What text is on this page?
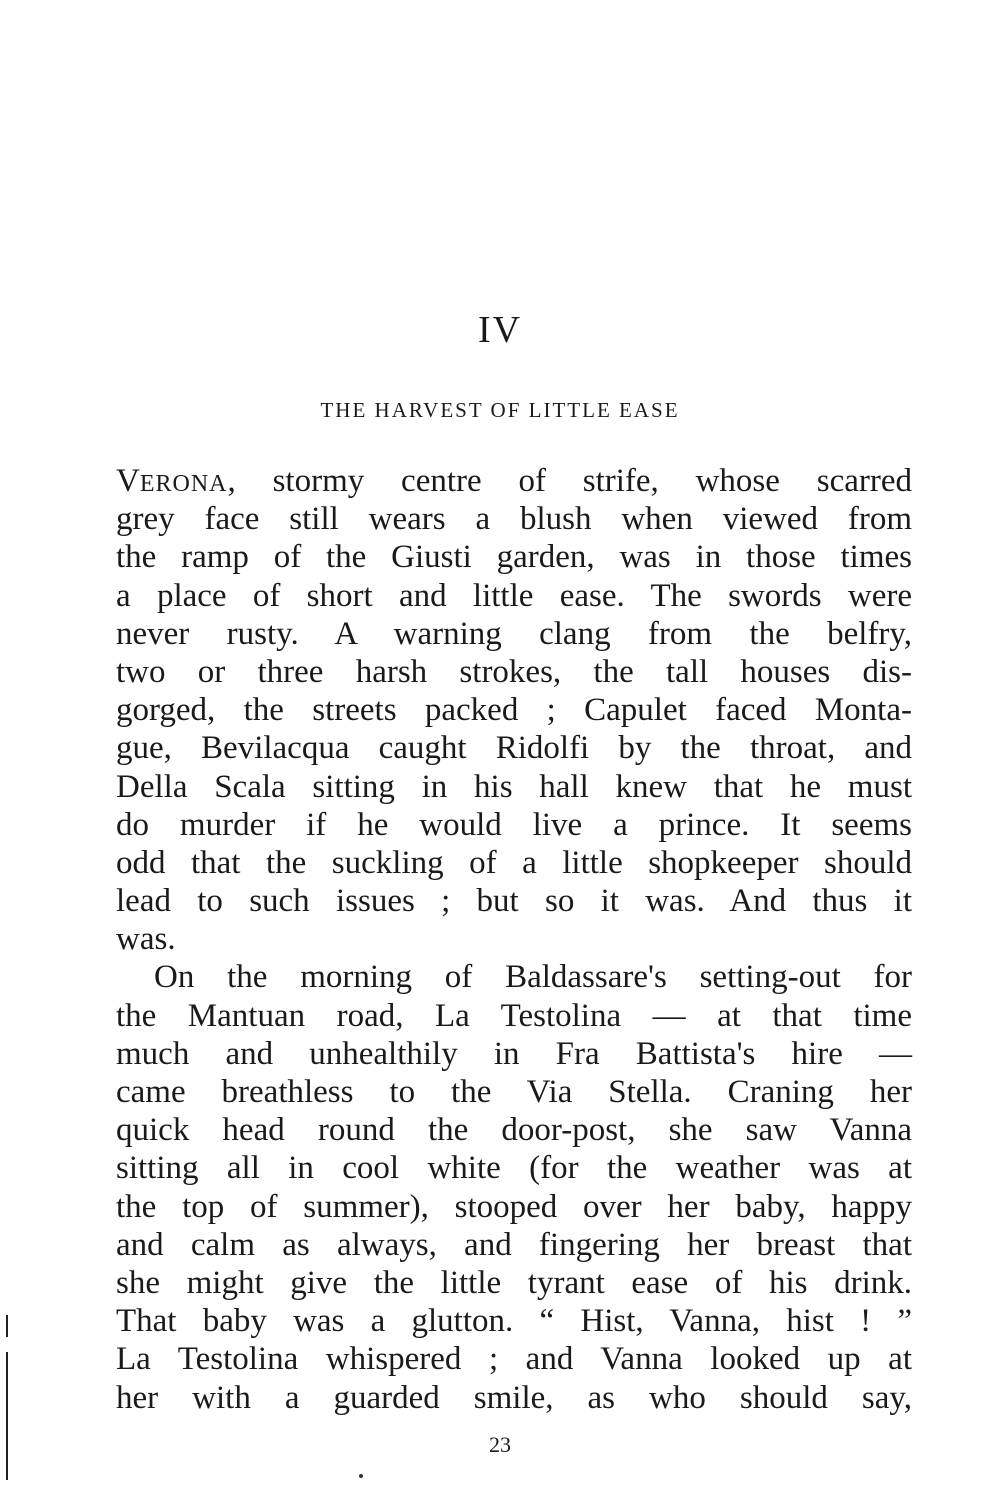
IV
THE HARVEST OF LITTLE EASE
VERONA, stormy centre of strife, whose scarred
grey face still wears a blush when viewed from
the ramp of the Giusti garden, was in those times
a place of short and little ease. The swords were
never rusty. A warning clang from the belfry,
two or three harsh strokes, the tall houses dis-
gorged, the streets packed ; Capulet faced Monta-
gue, Bevilacqua caught Ridolfi by the throat, and
Della Scala sitting in his hall knew that he must
do murder if he would live a prince. It seems
odd that the suckling of a little shopkeeper should
lead to such issues ; but so it was. And thus it
was.
On the morning of Baldassare's setting-out for
the Mantuan road, La Testolina — at that time
much and unhealthily in Fra Battista's hire —
came breathless to the Via Stella. Craning her
quick head round the door-post, she saw Vanna
sitting all in cool white (for the weather was at
the top of summer), stooped over her baby, happy
and calm as always, and fingering her breast that
she might give the little tyrant ease of his drink.
That baby was a glutton. “ Hist, Vanna, hist ! ”
La Testolina whispered ; and Vanna looked up at
her with a guarded smile, as who should say,
23
